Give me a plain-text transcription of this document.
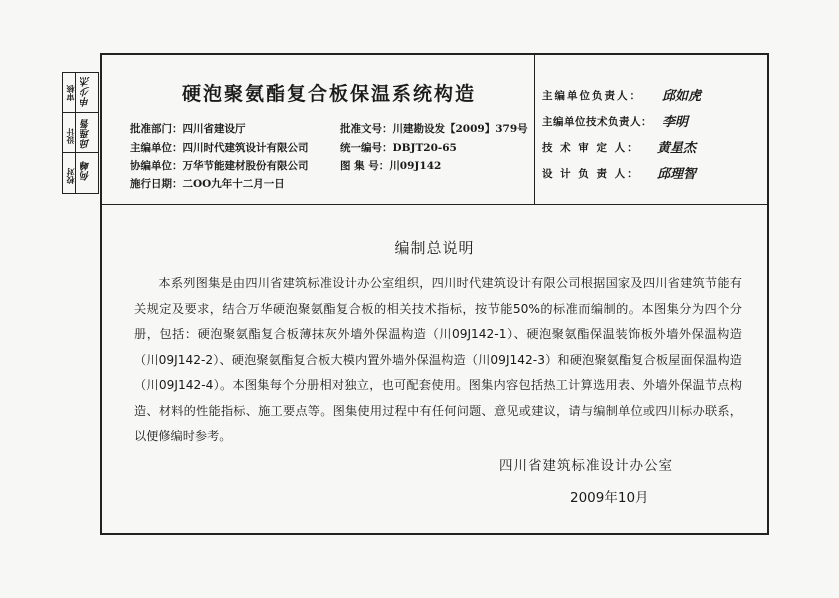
校对
设计
审核
何峰
邱理智
申少杰	硬泡聚氨酯复合板保温系统构造
批准部门：四川省建设厅
主编单位：四川时代建筑设计有限公司
协编单位：万华节能建材股份有限公司
施行日期：二OO九年十二月一日
批准文号：川建勘设发【2009】379号
统一编号：DBJT20-65
图 集 号：川09J142
主编单位负责人： 邱如虎
主编单位技术负责人： 李明
技 术 审 定 人： 黄星杰
设 计 负 责 人： 邱理智
编制总说明
本系列图集是由四川省建筑标准设计办公室组织，四川时代建筑设计有限公司根据国家及四川省建筑节能有关规定及要求，结合万华硬泡聚氨酯复合板的相关技术指标，按节能50%的标准而编制的。本图集分为四个分册，包括：硬泡聚氨酯复合板薄抹灰外墙外保温构造（川09J142-1）、硬泡聚氨酯保温装饰板外墙外保温构造（川09J142-2）、硬泡聚氨酯复合板大模内置外墙外保温构造（川09J142-3）和硬泡聚氨酯复合板屋面保温构造（川09J142-4）。本图集每个分册相对独立，也可配套使用。图集内容包括热工计算选用表、外墙外保温节点构造、材料的性能指标、施工要点等。图集使用过程中有任何问题、意见或建议，请与编制单位或四川标办联系，以便修编时参考。
四川省建筑标准设计办公室
2009年10月
